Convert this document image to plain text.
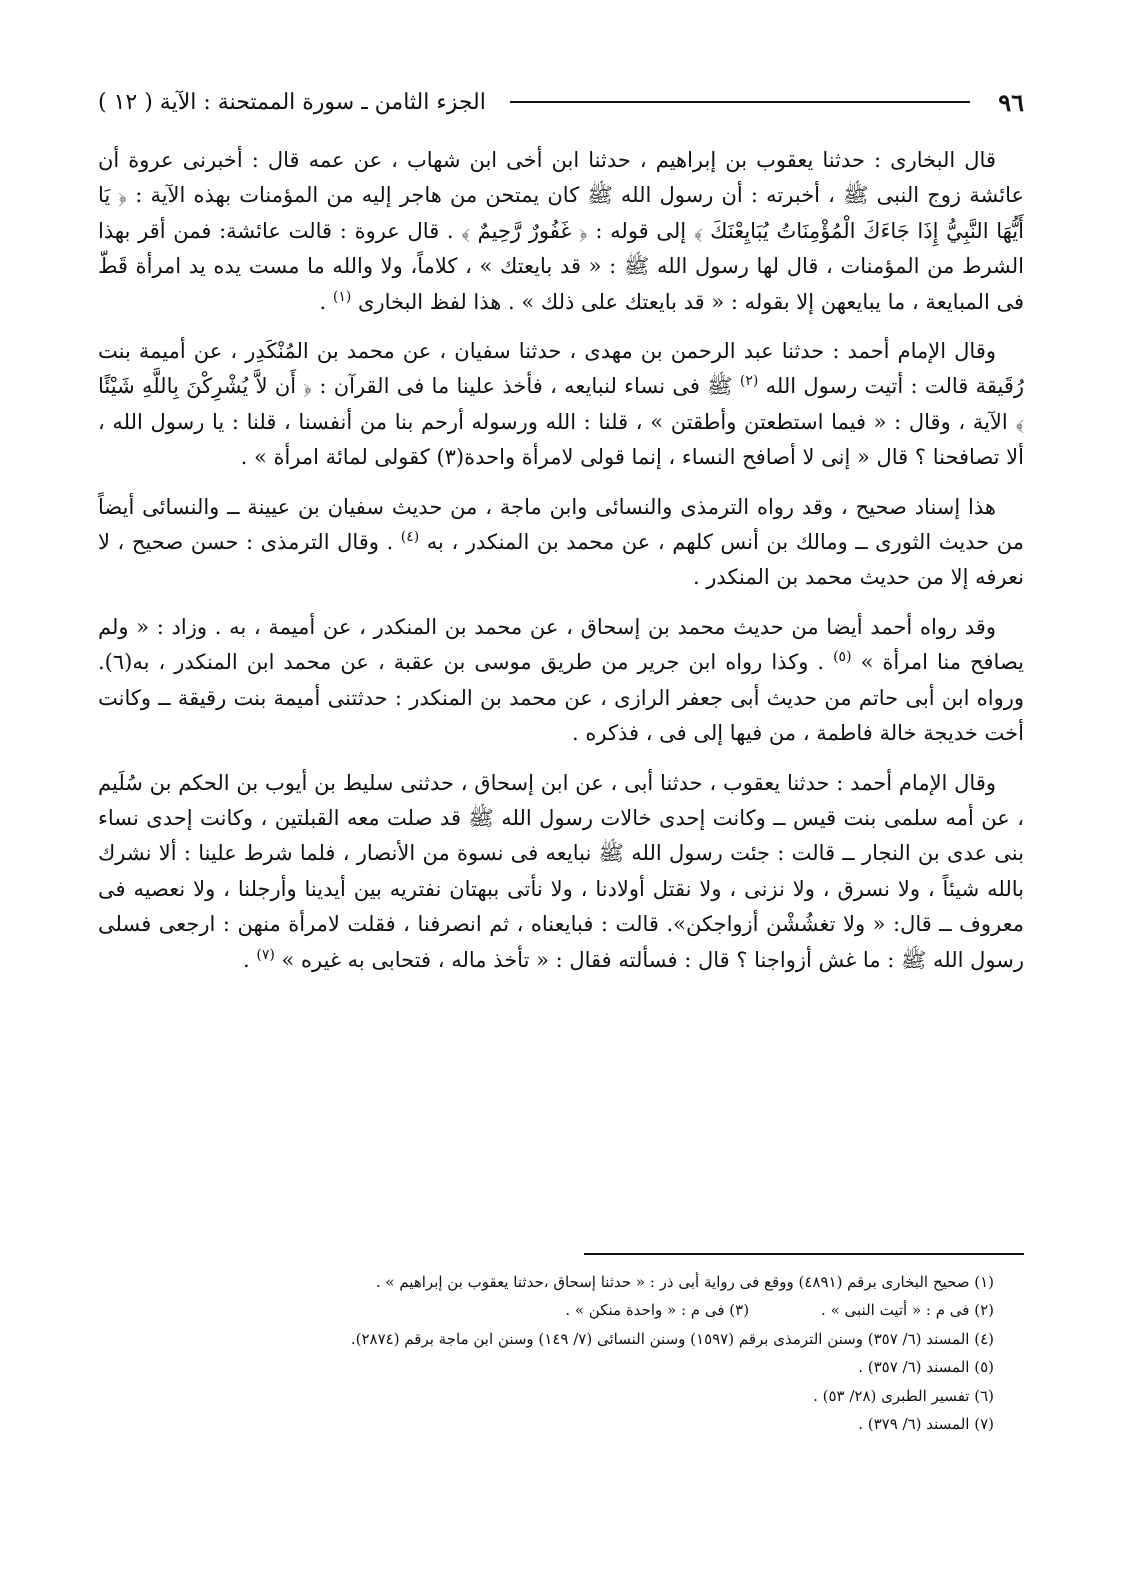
٩٦
الجزء الثامن ـ سورة الممتحنة : الآية ( ١٢ )

قال البخارى : حدثنا يعقوب بن إبراهيم ، حدثنا ابن أخى ابن شهاب ، عن عمه قال : أخبرنى عروة أن عائشة زوج النبى ﷺ ، أخبرته : أن رسول الله ﷺ كان يمتحن من هاجر إليه من المؤمنات بهذه الآية : ﴿ يَا أَيُّهَا النَّبِيُّ إِذَا جَاءَكَ الْمُؤْمِنَاتُ يُبَايِعْنَكَ ﴾ إلى قوله : ﴿ غَفُورٌ رَّحِيمٌ ﴾ . قال عروة : قالت عائشة: فمن أقر بهذا الشرط من المؤمنات ، قال لها رسول الله ﷺ : « قد بايعتك » ، كلاماً، ولا والله ما مست يده يد امرأة قَطّ فى المبايعة ، ما يبايعهن إلا بقوله : « قد بايعتك على ذلك » . هذا لفظ البخارى $^{(١)}$ .

وقال الإمام أحمد : حدثنا عبد الرحمن بن مهدى ، حدثنا سفيان ، عن محمد بن المُنْكَدِر ، عن أميمة بنت رُقَيقة قالت : أتيت رسول الله $^{(٢)}$ ﷺ فى نساء لنبايعه ، فأخذ علينا ما فى القرآن : ﴿ أَن لاَّ يُشْرِكْنَ بِاللَّهِ شَيْئًا ﴾ الآية ، وقال : « فيما استطعتن وأطقتن » ، قلنا : الله ورسوله أرحم بنا من أنفسنا ، قلنا : يا رسول الله ، ألا تصافحنا ؟ قال « إنى لا أصافح النساء ، إنما قولى لامرأة واحدة(٣) كقولى لمائة امرأة » .

هذا إسناد صحيح ، وقد رواه الترمذى والنسائى وابن ماجة ، من حديث سفيان بن عيينة ــ والنسائى أيضاً من حديث الثورى ــ ومالك بن أنس كلهم ، عن محمد بن المنكدر ، به $^{(٤)}$ . وقال الترمذى : حسن صحيح ، لا نعرفه إلا من حديث محمد بن المنكدر .

وقد رواه أحمد أيضا من حديث محمد بن إسحاق ، عن محمد بن المنكدر ، عن أميمة ، به . وزاد : « ولم يصافح منا امرأة » $^{(٥)}$ . وكذا رواه ابن جرير من طريق موسى بن عقبة ، عن محمد ابن المنكدر ، به(٦). ورواه ابن أبى حاتم من حديث أبى جعفر الرازى ، عن محمد بن المنكدر : حدثتنى أميمة بنت رقيقة ــ وكانت أخت خديجة خالة فاطمة ، من فيها إلى فى ، فذكره .

وقال الإمام أحمد : حدثنا يعقوب ، حدثنا أبى ، عن ابن إسحاق ، حدثنى سليط بن أيوب بن الحكم بن سُلَيم ، عن أمه سلمى بنت قيس ــ وكانت إحدى خالات رسول الله ﷺ قد صلت معه القبلتين ، وكانت إحدى نساء بنى عدى بن النجار ــ قالت : جئت رسول الله ﷺ نبايعه فى نسوة من الأنصار ، فلما شرط علينا : ألا نشرك بالله شيئاً ، ولا نسرق ، ولا نزنى ، ولا نقتل أولادنا ، ولا نأتى ببهتان نفتريه بين أيدينا وأرجلنا ، ولا نعصيه فى معروف ــ قال: « ولا تغشُشْن أزواجكن». قالت : فبايعناه ، ثم انصرفنا ، فقلت لامرأة منهن : ارجعى فسلى رسول الله ﷺ : ما غش أزواجنا ؟ قال : فسألته فقال : « تأخذ ماله ، فتحابى به غيره » $^{(٧)}$ .

(١) صحيح البخارى برقم (٤٨٩١) ووقع فى رواية أبى ذر : « حدثنا إسحاق ،حدثنا يعقوب بن إبراهيم » .
(٢) فى م : « أتيت النبى » .
(٣) فى م : « واحدة منكن » .
(٤) المسند (٦/ ٣٥٧) وسنن الترمذى برقم (١٥٩٧) وسنن النسائى (٧/ ١٤٩) وسنن ابن ماجة برقم (٢٨٧٤).
(٥) المسند (٦/ ٣٥٧) .
(٦) تفسير الطبرى (٢٨/ ٥٣) .
(٧) المسند (٦/ ٣٧٩) .
